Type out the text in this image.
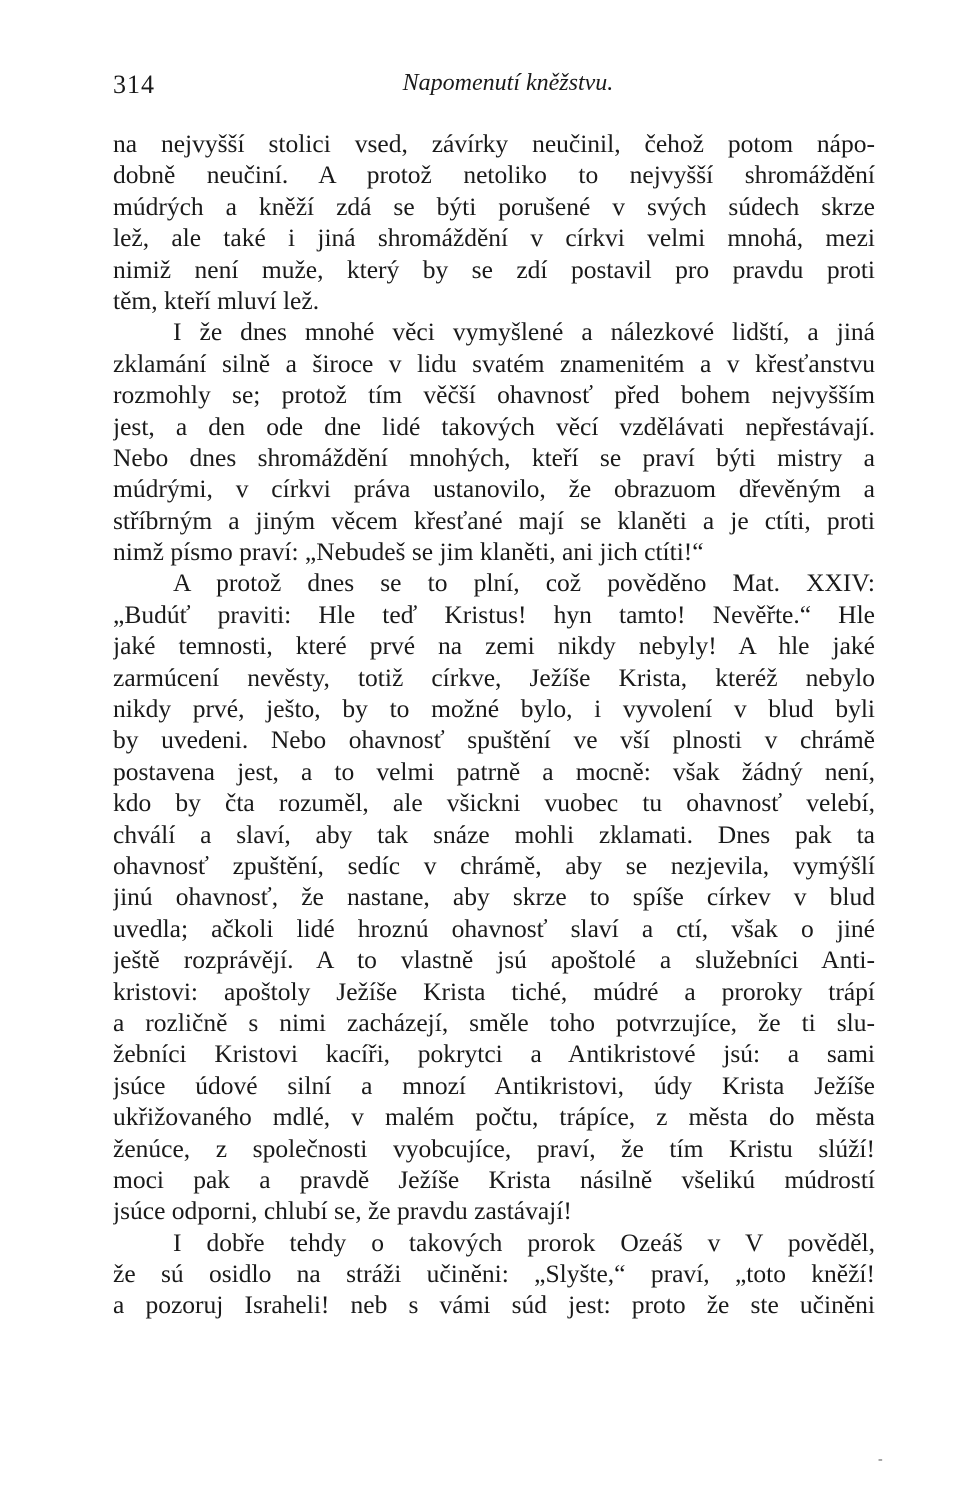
314	Napomenutí kněžstvu.
na nejvyšší stolici vsed, závírky neučinil, čehož potom nápo-
dobně neučiní. A protož netoliko to nejvyšší shromáždění
múdrých a kněží zdá se býti porušené v svých súdech skrze
lež, ale také i jiná shromáždění v církvi velmi mnohá, mezi
nimiž není muže, který by se zdí postavil pro pravdu proti
těm, kteří mluví lež.
I že dnes mnohé věci vymyšlené a nálezkové lidští, a jiná
zklamání silně a široce v lidu svatém znamenitém a v křesťanstvu
rozmohly se; protož tím věčší ohavnosť před bohem nejvyšším
jest, a den ode dne lidé takových věcí vzdělávati nepřestávají.
Nebo dnes shromáždění mnohých, kteří se praví býti mistry a
múdrými, v církvi práva ustanovilo, že obrazuom dřevěným a
stříbrným a jiným věcem křesťané mají se klaněti a je ctíti, proti
nimž písmo praví: „Nebudeš se jim klaněti, ani jich ctíti!“
A protož dnes se to plní, což pověděno Mat. XXIV:
„Budúť praviti: Hle teď Kristus! hyn tamto! Nevěřte.“ Hle
jaké temnosti, které prvé na zemi nikdy nebyly! A hle jaké
zarmúcení nevěsty, totiž církve, Ježíše Krista, kteréž nebylo
nikdy prvé, ješto, by to možné bylo, i vyvolení v blud byli
by uvedeni. Nebo ohavnosť spuštění ve vší plnosti v chrámě
postavena jest, a to velmi patrně a mocně: však žádný není,
kdo by čta rozuměl, ale všickni vuobec tu ohavnosť velebí,
chválí a slaví, aby tak snáze mohli zklamati. Dnes pak ta
ohavnosť zpuštění, sedíc v chrámě, aby se nezjevila, vymýšlí
jinú ohavnosť, že nastane, aby skrze to spíše církev v blud
uvedla; ačkoli lidé hroznú ohavnosť slaví a ctí, však o jiné
ještě rozprávějí. A to vlastně jsú apoštolé a služebníci Anti-
kristovi: apoštoly Ježíše Krista tiché, múdré a proroky trápí
a rozličně s nimi zacházejí, směle toho potvrzujíce, že ti slu-
žebníci Kristovi kacíři, pokrytci a Antikristové jsú: a sami
jsúce údové silní a mnozí Antikristovi, údy Krista Ježíše
ukřižovaného mdlé, v malém počtu, trápíce, z města do města
ženúce, z společnosti vyobcujíce, praví, že tím Kristu slúží!
moci pak a pravdě Ježíše Krista násilně všelikú múdrostí
jsúce odporni, chlubí se, že pravdu zastávají!
I dobře tehdy o takových prorok Ozeáš v V pověděl,
že sú osidlo na stráži učiněni: „Slyšte,“ praví, „toto kněží!
a pozoruj Israheli! neb s vámi súd jest: proto že ste učiněni
-
